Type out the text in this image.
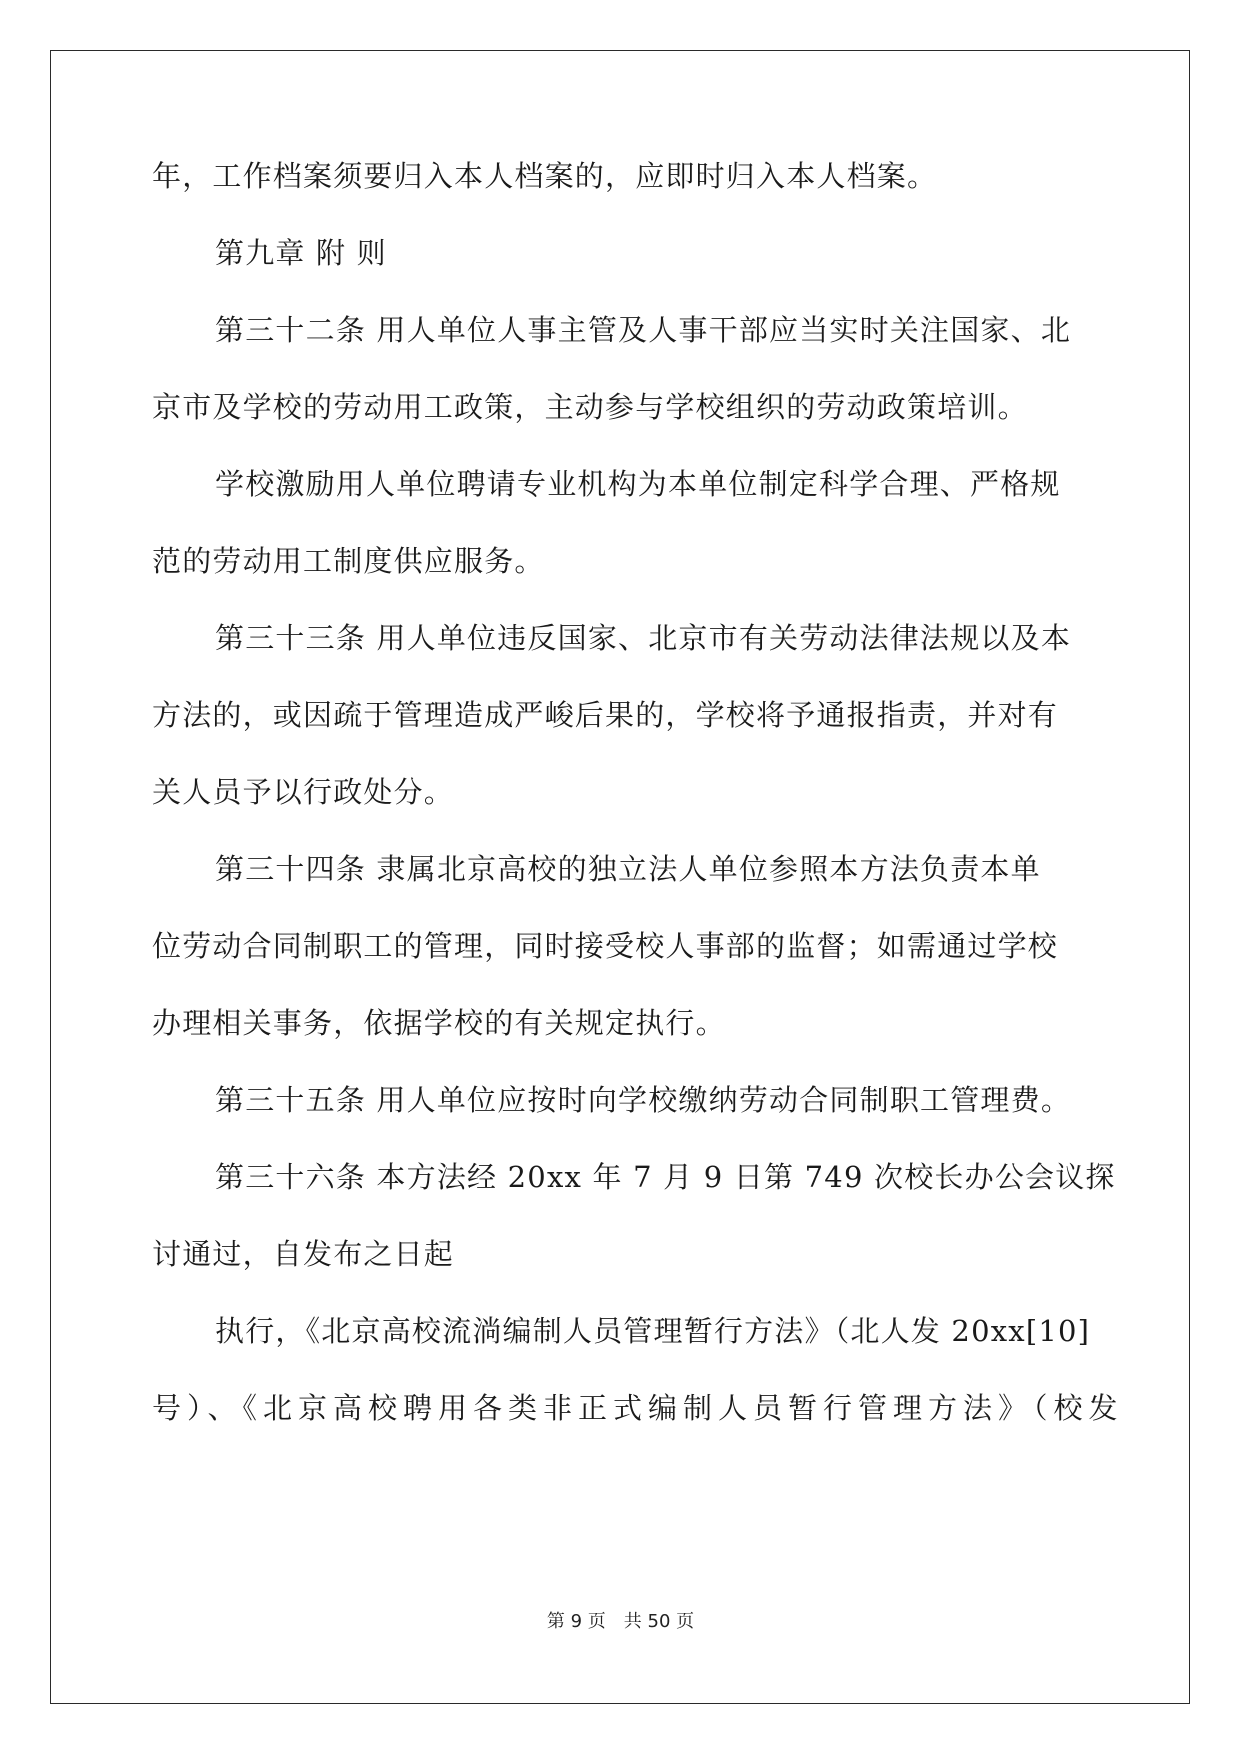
年，工作档案须要归入本人档案的，应即时归入本人档案。
第九章 附 则
第三十二条 用人单位人事主管及人事干部应当实时关注国家、北
京市及学校的劳动用工政策，主动参与学校组织的劳动政策培训。
学校激励用人单位聘请专业机构为本单位制定科学合理、严格规
范的劳动用工制度供应服务。
第三十三条 用人单位违反国家、北京市有关劳动法律法规以及本
方法的，或因疏于管理造成严峻后果的，学校将予通报指责，并对有
关人员予以行政处分。
第三十四条 隶属北京高校的独立法人单位参照本方法负责本单
位劳动合同制职工的管理，同时接受校人事部的监督；如需通过学校
办理相关事务，依据学校的有关规定执行。
第三十五条 用人单位应按时向学校缴纳劳动合同制职工管理费。
第三十六条 本方法经 20xx 年 7 月 9 日第 749 次校长办公会议探
讨通过，自发布之日起
执行，《北京高校流淌编制人员管理暂行方法》（北人发 20xx[10]
号）、《北京高校聘用各类非正式编制人员暂行管理方法》（校发
第 9 页　共 50 页
